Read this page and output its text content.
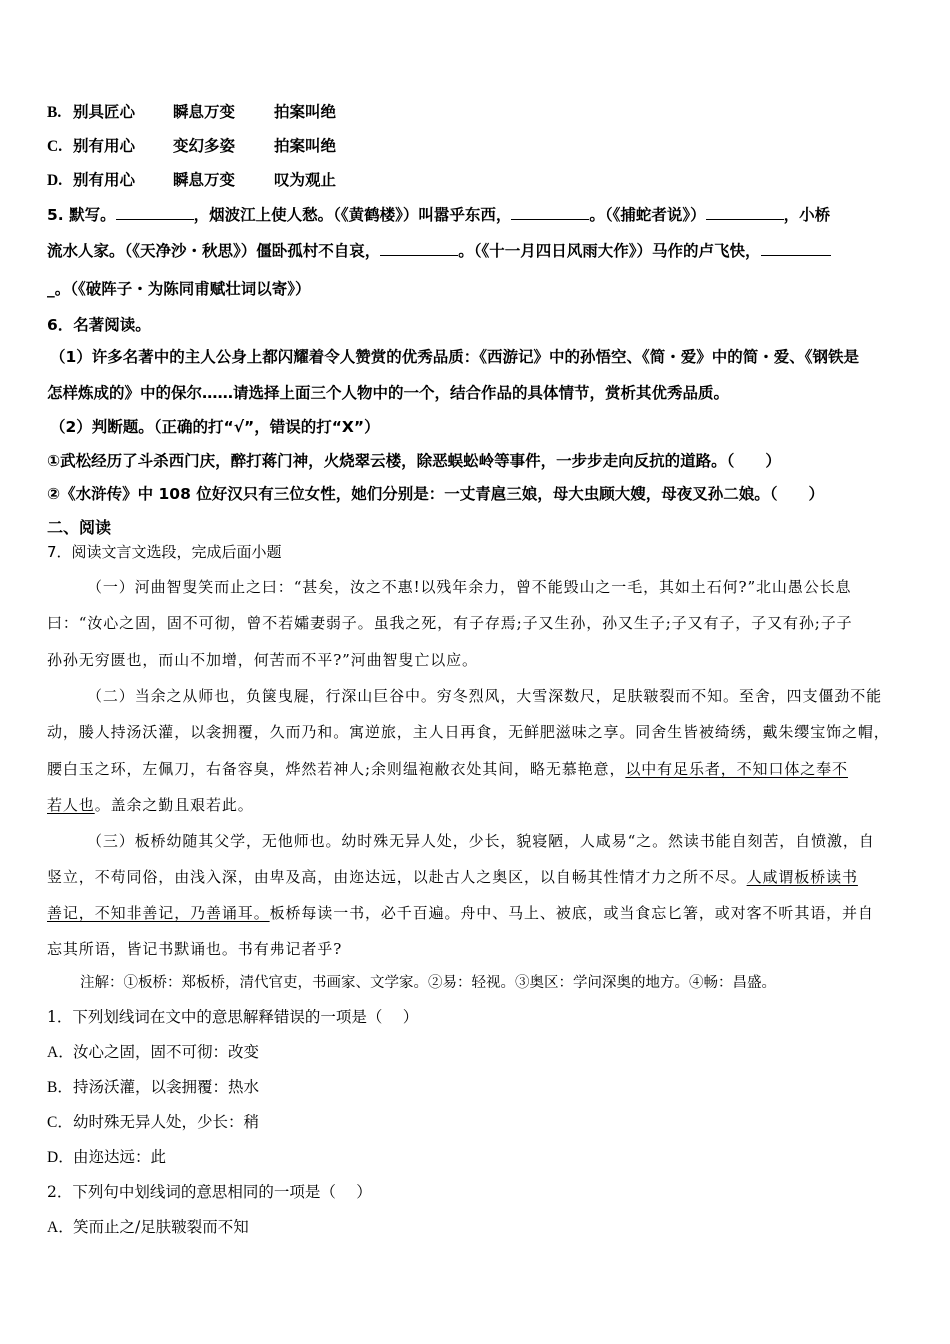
B. 别具匠心 瞬息万变	拍案叫绝
C. 别有用心 变幻多姿	拍案叫绝
D. 别有用心 瞬息万变	叹为观止
5. 默写。	，烟波江上使人愁。（《黄鹤楼》）叫嚣乎东西，	。（《捕蛇者说》）	，小桥
流水人家。（《天净沙・秋思》）僵卧孤村不自哀，	。（《十一月四日风雨大作》）马作的卢飞快，
_。（《破阵子・为陈同甫赋壮词以寄》）
6．名著阅读。
（1）许多名著中的主人公身上都闪耀着令人赞赏的优秀品质：《西游记》中的孙悟空、《简・爱》中的简・爱、《钢铁是
怎样炼成的》中的保尔……请选择上面三个人物中的一个，结合作品的具体情节，赏析其优秀品质。
（2）判断题。（正确的打“√”，错误的打“X”）
①武松经历了斗杀西门庆，醉打蒋门神，火烧翠云楼，除恶蜈蚣岭等事件，一步步走向反抗的道路。（　　）
②《水浒传》中 108 位好汉只有三位女性，她们分别是：一丈青扈三娘，母大虫顾大嫂，母夜叉孙二娘。（　　）
二、阅读
7．阅读文言文选段，完成后面小题
（一）河曲智叟笑而止之曰：“甚矣，汝之不惠!以残年余力，曾不能毁山之一毛，其如土石何?”北山愚公长息
曰：“汝心之固，固不可彻，曾不若孀妻弱子。虽我之死，有子存焉;子又生孙，孙又生子;子又有子，子又有孙;子子
孙孙无穷匮也，而山不加增，何苦而不平?”河曲智叟亡以应。
（二）当余之从师也，负箧曳屣，行深山巨谷中。穷冬烈风，大雪深数尺，足肤皲裂而不知。至舍，四支僵劲不能
动，媵人持汤沃灌，以衾拥覆，久而乃和。寓逆旅，主人日再食，无鲜肥滋味之享。同舍生皆被绮绣，戴朱缨宝饰之帽，
腰白玉之环，左佩刀，右备容臭，烨然若神人;余则缊袍敝衣处其间，略无慕艳意，以中有足乐者，不知口体之奉不
若人也。盖余之勤且艰若此。
（三）板桥幼随其父学，无他师也。幼时殊无异人处，少长，貌寝陋，人咸易“之。然读书能自刻苦，自愤激，自
竖立，不苟同俗，由浅入深，由卑及高，由迩达远，以赴古人之奥区，以自畅其性情才力之所不尽。人咸谓板桥读书
善记，不知非善记，乃善诵耳。板桥每读一书，必千百遍。舟中、马上、被底，或当食忘匕箸，或对客不听其语，并自
忘其所语，皆记书默诵也。书有弗记者乎?
注解：①板桥：郑板桥，清代官吏，书画家、文学家。②易：轻视。③奥区：学问深奥的地方。④畅：昌盛。
1．下列划线词在文中的意思解释错误的一项是（　 ）
A．汝心之固，固不可彻：改变
B．持汤沃灌，以衾拥覆：热水
C．幼时殊无异人处，少长：稍
D．由迩达远：此
2．下列句中划线词的意思相同的一项是（　 ）
A．笑而止之/足肤皲裂而不知
